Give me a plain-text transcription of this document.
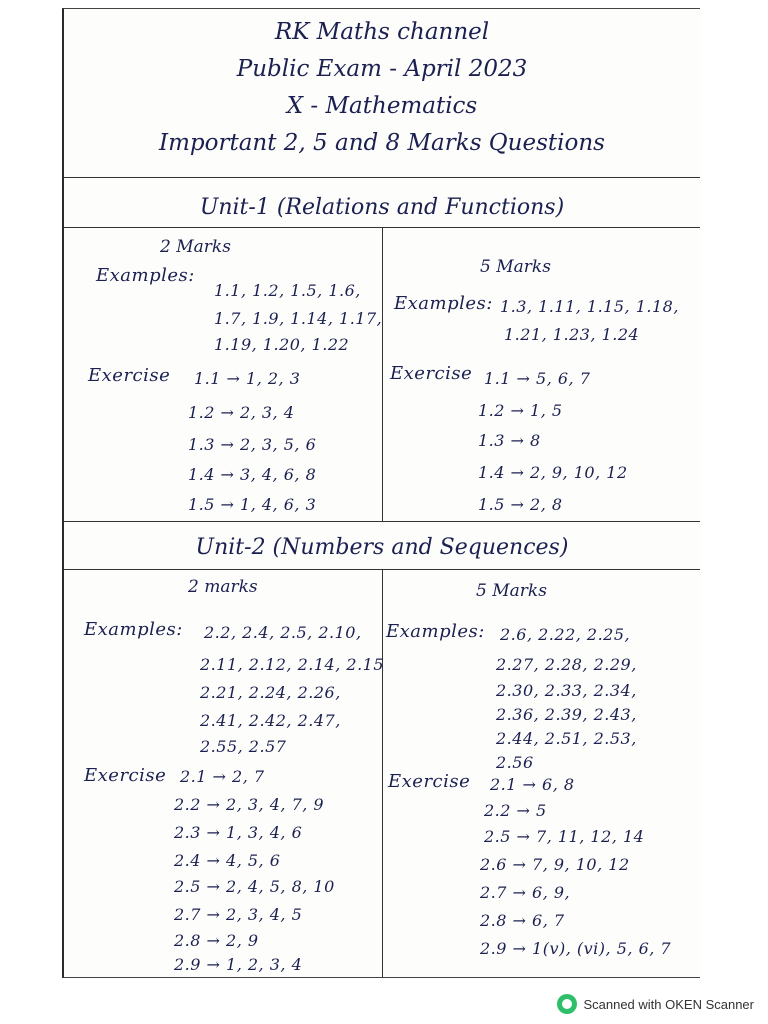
RK Maths channel
Public Exam - April 2023
X - Mathematics
Important 2, 5 and 8 Marks Questions
Unit-1 (Relations and Functions)
2 Marks
Examples:
1.1, 1.2, 1.5, 1.6,
1.7, 1.9, 1.14, 1.17,
1.19, 1.20, 1.22
Exercise 1.1 → 1, 2, 3
1.2 → 2, 3, 4
1.3 → 2, 3, 5, 6
1.4 → 3, 4, 6, 8
1.5 → 1, 4, 6, 3
5 Marks
Examples: 1.3, 1.11, 1.15, 1.18,
1.21, 1.23, 1.24
Exercise 1.1 → 5, 6, 7
1.2 → 1, 5
1.3 → 8
1.4 → 2, 9, 10, 12
1.5 → 2, 8
Unit-2 (Numbers and Sequences)
2 marks
Examples: 2.2, 2.4, 2.5, 2.10,
2.11, 2.12, 2.14, 2.15
2.21, 2.24, 2.26,
2.41, 2.42, 2.47,
2.55, 2.57
Exercise 2.1 → 2, 7
2.2 → 2, 3, 4, 7, 9
2.3 → 1, 3, 4, 6
2.4 → 4, 5, 6
2.5 → 2, 4, 5, 8, 10
2.7 → 2, 3, 4, 5
2.8 → 2, 9
2.9 → 1, 2, 3, 4
5 Marks
Examples: 2.6, 2.22, 2.25,
2.27, 2.28, 2.29,
2.30, 2.33, 2.34,
2.36, 2.39, 2.43,
2.44, 2.51, 2.53,
2.56
Exercise 2.1 → 6, 8
2.2 → 5
2.5 → 7, 11, 12, 14
2.6 → 7, 9, 10, 12
2.7 → 6, 9,
2.8 → 6, 7
2.9 → 1(v), (vi), 5, 6, 7
Scanned with OKEN Scanner
